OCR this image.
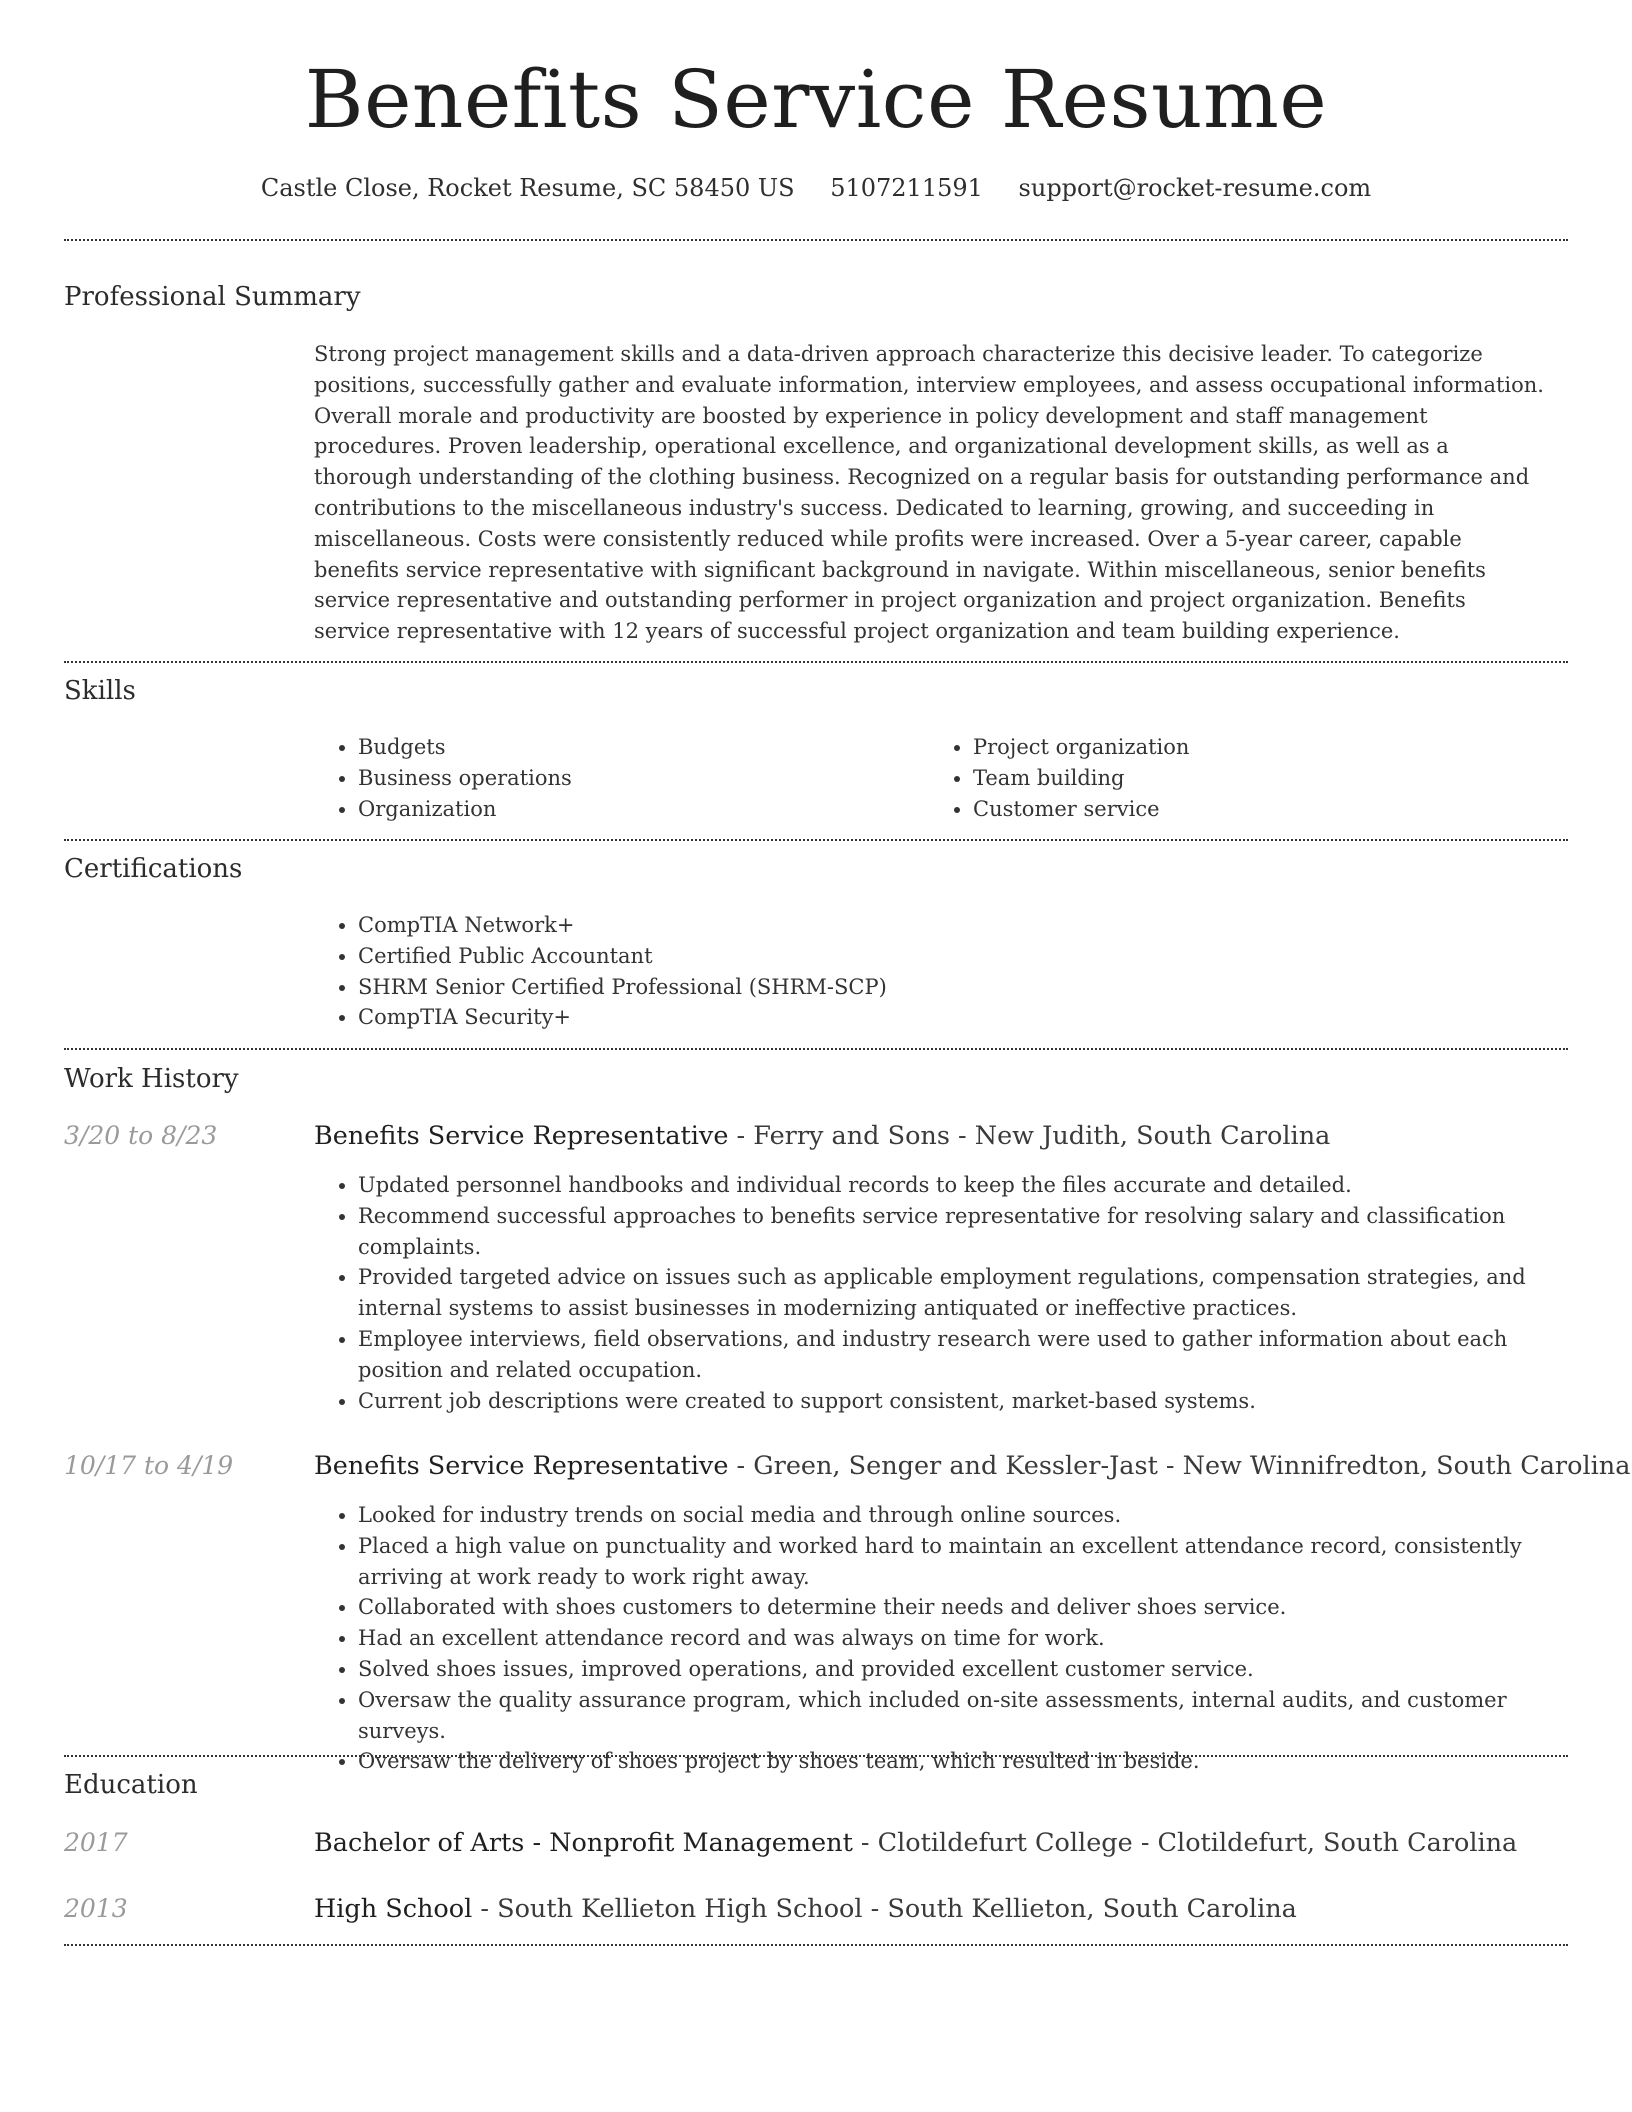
Benefits Service Resume
Castle Close, Rocket Resume, SC 58450 US 5107211591 support@rocket-resume.com
Professional Summary
Strong project management skills and a data-driven approach characterize this decisive leader. To categorize positions, successfully gather and evaluate information, interview employees, and assess occupational information. Overall morale and productivity are boosted by experience in policy development and staff management procedures. Proven leadership, operational excellence, and organizational development skills, as well as a thorough understanding of the clothing business. Recognized on a regular basis for outstanding performance and contributions to the miscellaneous industry's success. Dedicated to learning, growing, and succeeding in miscellaneous. Costs were consistently reduced while profits were increased. Over a 5-year career, capable benefits service representative with significant background in navigate. Within miscellaneous, senior benefits service representative and outstanding performer in project organization and project organization. Benefits service representative with 12 years of successful project organization and team building experience.
Skills
• Budgets
• Business operations
• Organization
• Project organization
• Team building
• Customer service
Certifications
• CompTIA Network+
• Certified Public Accountant
• SHRM Senior Certified Professional (SHRM-SCP)
• CompTIA Security+
Work History
3/20 to 8/23	Benefits Service Representative - Ferry and Sons - New Judith, South Carolina
• Updated personnel handbooks and individual records to keep the files accurate and detailed.
• Recommend successful approaches to benefits service representative for resolving salary and classification complaints.
• Provided targeted advice on issues such as applicable employment regulations, compensation strategies, and internal systems to assist businesses in modernizing antiquated or ineffective practices.
• Employee interviews, field observations, and industry research were used to gather information about each position and related occupation.
• Current job descriptions were created to support consistent, market-based systems.
10/17 to 4/19	Benefits Service Representative - Green, Senger and Kessler-Jast - New Winnifredton, South Carolina
• Looked for industry trends on social media and through online sources.
• Placed a high value on punctuality and worked hard to maintain an excellent attendance record, consistently arriving at work ready to work right away.
• Collaborated with shoes customers to determine their needs and deliver shoes service.
• Had an excellent attendance record and was always on time for work.
• Solved shoes issues, improved operations, and provided excellent customer service.
• Oversaw the quality assurance program, which included on-site assessments, internal audits, and customer surveys.
• Oversaw the delivery of shoes project by shoes team, which resulted in beside.
Education
2017	Bachelor of Arts - Nonprofit Management - Clotildefurt College - Clotildefurt, South Carolina
2013	High School - South Kellieton High School - South Kellieton, South Carolina
